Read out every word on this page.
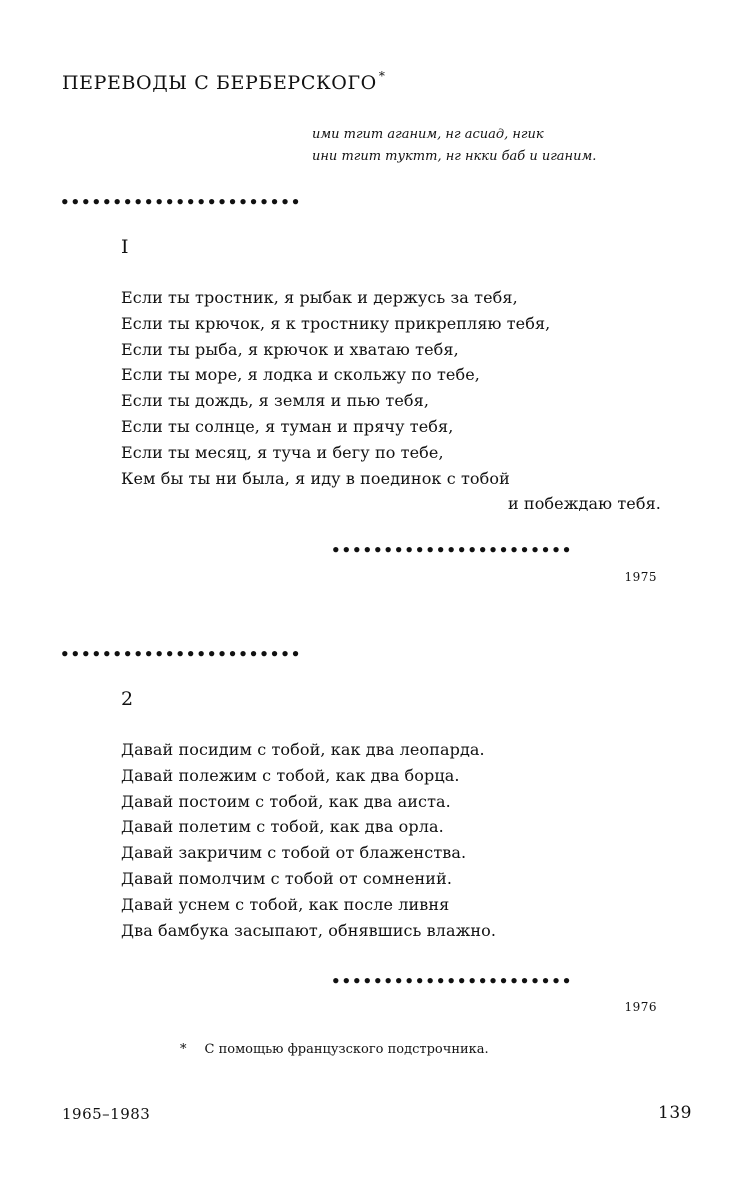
ПЕРЕВОДЫ С БЕРБЕРСКОГО *
ими тгит аганим, нг асиад, нгик
ини тгит туктт, нг нкки баб и иганим.
•••••••••••••••••••••••
I
Если ты тростник, я рыбак и держусь за тебя,
Если ты крючок, я к тростнику прикрепляю тебя,
Если ты рыба, я крючок и хватаю тебя,
Если ты море, я лодка и скольжу по тебе,
Если ты дождь, я земля и пью тебя,
Если ты солнце, я туман и прячу тебя,
Если ты месяц, я туча и бегу по тебе,
Кем бы ты ни была, я иду в поединок с тобой
и побеждаю тебя.
•••••••••••••••••••••••
1975
•••••••••••••••••••••••
2
Давай посидим с тобой, как два леопарда.
Давай полежим с тобой, как два борца.
Давай постоим с тобой, как два аиста.
Давай полетим с тобой, как два орла.
Давай закричим с тобой от блаженства.
Давай помолчим с тобой от сомнений.
Давай уснем с тобой, как после ливня
Два бамбука засыпают, обнявшись влажно.
•••••••••••••••••••••••
1976
* С помощью французского подстрочника.
1965–1983	139
